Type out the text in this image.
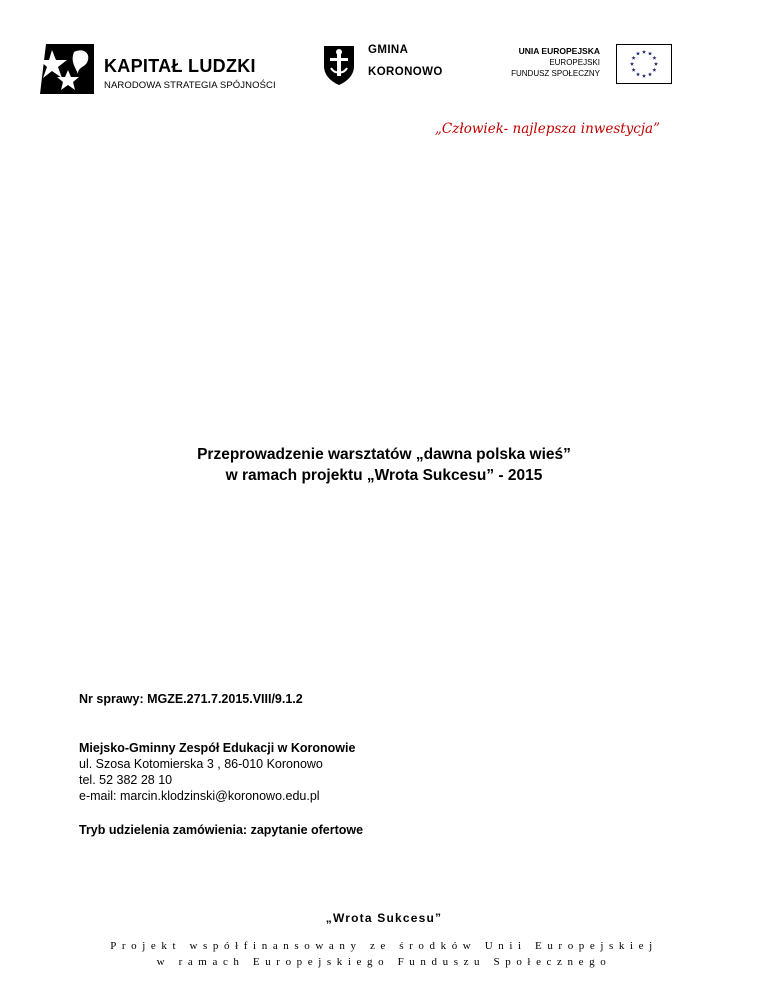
KAPITAŁ LUDZKI
NARODOWA STRATEGIA SPÓJNOŚCI
GMINA
KORONOWO
UNIA EUROPEJSKA
EUROPEJSKI
FUNDUSZ SPOŁECZNY
„Człowiek- najlepsza inwestycja”
Przeprowadzenie warsztatów „dawna polska wieś”
w ramach projektu „Wrota Sukcesu” - 2015
Nr sprawy: MGZE.271.7.2015.VIII/9.1.2
Miejsko-Gminny Zespół Edukacji w Koronowie
ul. Szosa Kotomierska 3 , 86-010 Koronowo
tel. 52 382 28 10
e-mail: marcin.klodzinski@koronowo.edu.pl
Tryb udzielenia zamówienia: zapytanie ofertowe
„Wrota Sukcesu”
Projekt współfinansowany ze środków Unii Europejskiej
w ramach Europejskiego Funduszu Społecznego
